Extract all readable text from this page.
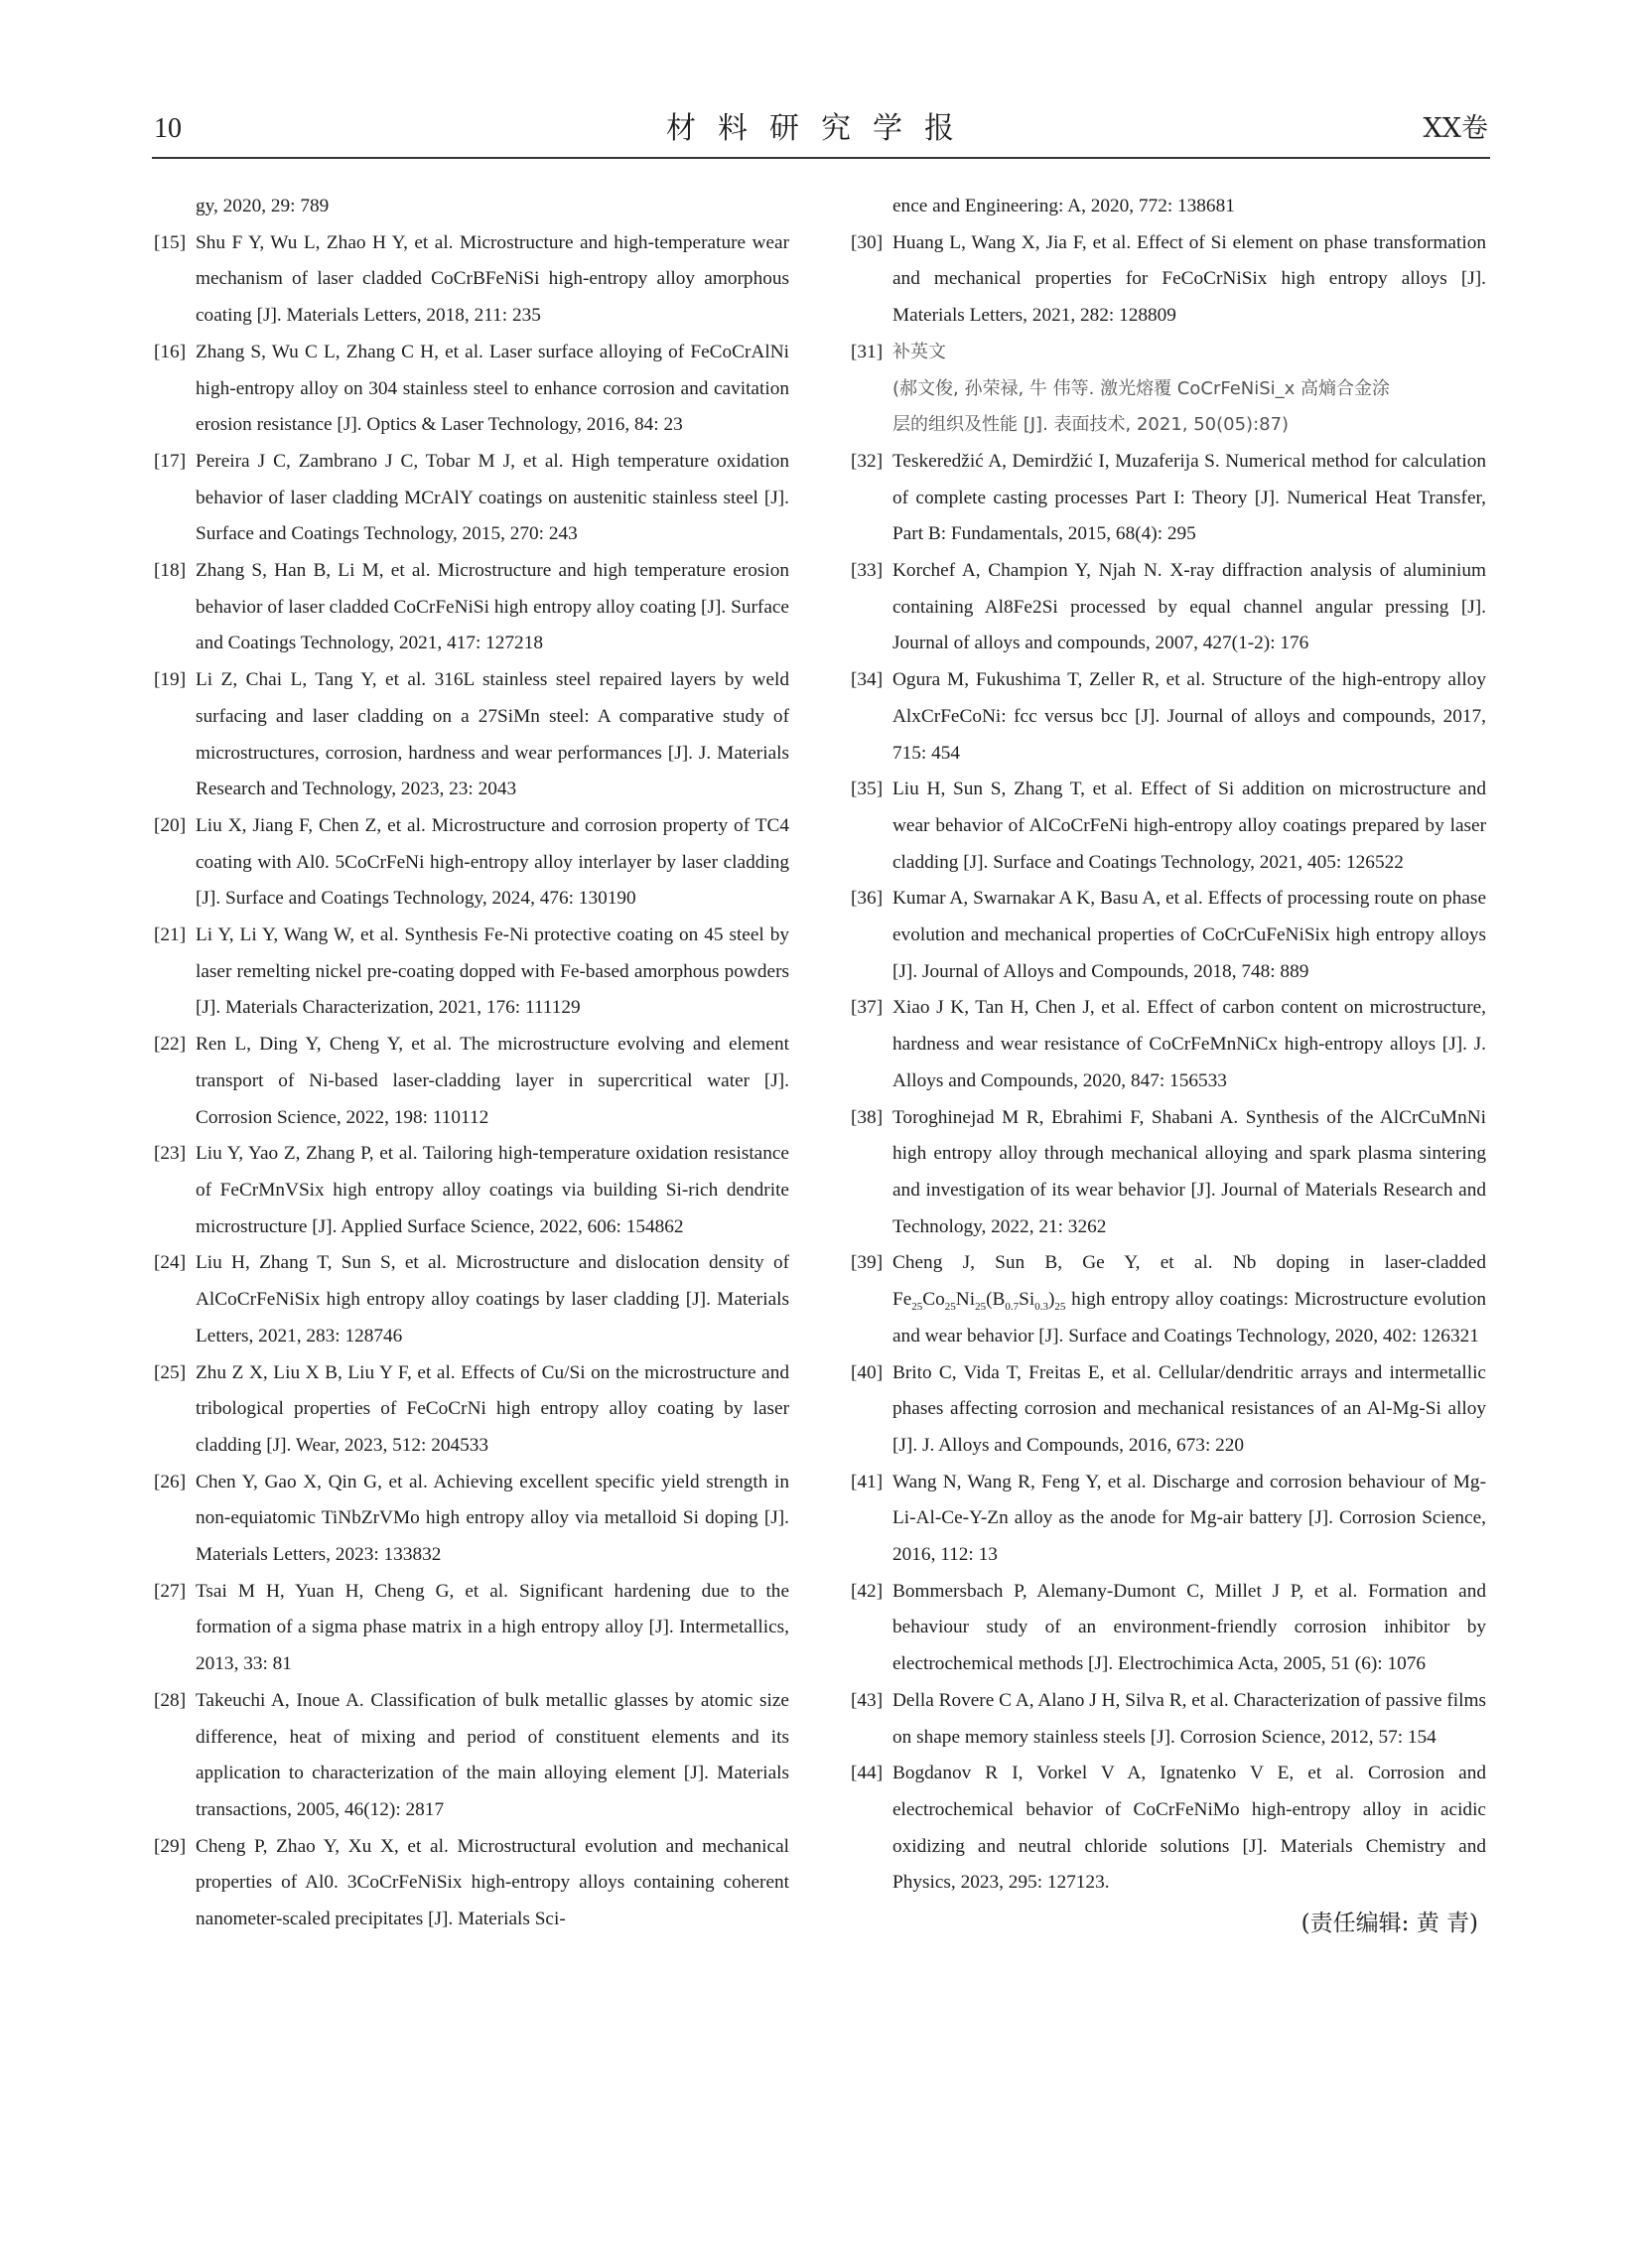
10	材料研究学报	XX卷

gy, 2020, 29: 789

[15] Shu F Y, Wu L, Zhao H Y, et al. Microstructure and high-temperature wear mechanism of laser cladded CoCrBFeNiSi high-entropy alloy amorphous coating [J]. Materials Letters, 2018, 211: 235

[16] Zhang S, Wu C L, Zhang C H, et al. Laser surface alloying of FeCoCrAlNi high-entropy alloy on 304 stainless steel to enhance corrosion and cavitation erosion resistance [J]. Optics & Laser Technology, 2016, 84: 23

[17] Pereira J C, Zambrano J C, Tobar M J, et al. High temperature oxidation behavior of laser cladding MCrAlY coatings on austenitic stainless steel [J]. Surface and Coatings Technology, 2015, 270: 243

[18] Zhang S, Han B, Li M, et al. Microstructure and high temperature erosion behavior of laser cladded CoCrFeNiSi high entropy alloy coating [J]. Surface and Coatings Technology, 2021, 417: 127218

[19] Li Z, Chai L, Tang Y, et al. 316L stainless steel repaired layers by weld surfacing and laser cladding on a 27SiMn steel: A comparative study of microstructures, corrosion, hardness and wear performances [J]. J. Materials Research and Technology, 2023, 23: 2043

[20] Liu X, Jiang F, Chen Z, et al. Microstructure and corrosion property of TC4 coating with Al0. 5CoCrFeNi high-entropy alloy interlayer by laser cladding [J]. Surface and Coatings Technology, 2024, 476: 130190

[21] Li Y, Li Y, Wang W, et al. Synthesis Fe-Ni protective coating on 45 steel by laser remelting nickel pre-coating dopped with Fe-based amorphous powders [J]. Materials Characterization, 2021, 176: 111129

[22] Ren L, Ding Y, Cheng Y, et al. The microstructure evolving and element transport of Ni-based laser-cladding layer in supercritical water [J]. Corrosion Science, 2022, 198: 110112

[23] Liu Y, Yao Z, Zhang P, et al. Tailoring high-temperature oxidation resistance of FeCrMnVSix high entropy alloy coatings via building Si-rich dendrite microstructure [J]. Applied Surface Science, 2022, 606: 154862

[24] Liu H, Zhang T, Sun S, et al. Microstructure and dislocation density of AlCoCrFeNiSix high entropy alloy coatings by laser cladding [J]. Materials Letters, 2021, 283: 128746

[25] Zhu Z X, Liu X B, Liu Y F, et al. Effects of Cu/Si on the microstructure and tribological properties of FeCoCrNi high entropy alloy coating by laser cladding [J]. Wear, 2023, 512: 204533

[26] Chen Y, Gao X, Qin G, et al. Achieving excellent specific yield strength in non-equiatomic TiNbZrVMo high entropy alloy via metalloid Si doping [J]. Materials Letters, 2023: 133832

[27] Tsai M H, Yuan H, Cheng G, et al. Significant hardening due to the formation of a sigma phase matrix in a high entropy alloy [J]. Intermetallics, 2013, 33: 81

[28] Takeuchi A, Inoue A. Classification of bulk metallic glasses by atomic size difference, heat of mixing and period of constituent elements and its application to characterization of the main alloying element [J]. Materials transactions, 2005, 46(12): 2817

[29] Cheng P, Zhao Y, Xu X, et al. Microstructural evolution and mechanical properties of Al0. 3CoCrFeNiSix high-entropy alloys containing coherent nanometer-scaled precipitates [J]. Materials Sci-

ence and Engineering: A, 2020, 772: 138681

[30] Huang L, Wang X, Jia F, et al. Effect of Si element on phase transformation and mechanical properties for FeCoCrNiSix high entropy alloys [J]. Materials Letters, 2021, 282: 128809

[31] 补英文

(郝文俊, 孙荣禄, 牛 伟等. 激光熔覆 CoCrFeNiSi_x 高熵合金涂

层的组织及性能 [J]. 表面技术, 2021, 50(05):87)

[32] Teskeredžić A, Demirdžić I, Muzaferija S. Numerical method for calculation of complete casting processes Part I: Theory [J]. Numerical Heat Transfer, Part B: Fundamentals, 2015, 68(4): 295

[33] Korchef A, Champion Y, Njah N. X-ray diffraction analysis of aluminium containing Al8Fe2Si processed by equal channel angular pressing [J]. Journal of alloys and compounds, 2007, 427(1-2): 176

[34] Ogura M, Fukushima T, Zeller R, et al. Structure of the high-entropy alloy AlxCrFeCoNi: fcc versus bcc [J]. Journal of alloys and compounds, 2017, 715: 454

[35] Liu H, Sun S, Zhang T, et al. Effect of Si addition on microstructure and wear behavior of AlCoCrFeNi high-entropy alloy coatings prepared by laser cladding [J]. Surface and Coatings Technology, 2021, 405: 126522

[36] Kumar A, Swarnakar A K, Basu A, et al. Effects of processing route on phase evolution and mechanical properties of CoCrCuFeNiSix high entropy alloys [J]. Journal of Alloys and Compounds, 2018, 748: 889

[37] Xiao J K, Tan H, Chen J, et al. Effect of carbon content on microstructure, hardness and wear resistance of CoCrFeMnNiCx high-entropy alloys [J]. J. Alloys and Compounds, 2020, 847: 156533

[38] Toroghinejad M R, Ebrahimi F, Shabani A. Synthesis of the AlCrCuMnNi high entropy alloy through mechanical alloying and spark plasma sintering and investigation of its wear behavior [J]. Journal of Materials Research and Technology, 2022, 21: 3262

[39] Cheng J, Sun B, Ge Y, et al. Nb doping in laser-cladded $Fe_{25}Co_{25}Ni_{25}(B_{0.7}Si_{0.3})_{25}$ high entropy alloy coatings: Microstructure evolution and wear behavior [J]. Surface and Coatings Technology, 2020, 402: 126321

[40] Brito C, Vida T, Freitas E, et al. Cellular/dendritic arrays and intermetallic phases affecting corrosion and mechanical resistances of an Al-Mg-Si alloy [J]. J. Alloys and Compounds, 2016, 673: 220

[41] Wang N, Wang R, Feng Y, et al. Discharge and corrosion behaviour of Mg-Li-Al-Ce-Y-Zn alloy as the anode for Mg-air battery [J]. Corrosion Science, 2016, 112: 13

[42] Bommersbach P, Alemany-Dumont C, Millet J P, et al. Formation and behaviour study of an environment-friendly corrosion inhibitor by electrochemical methods [J]. Electrochimica Acta, 2005, 51 (6): 1076

[43] Della Rovere C A, Alano J H, Silva R, et al. Characterization of passive films on shape memory stainless steels [J]. Corrosion Science, 2012, 57: 154

[44] Bogdanov R I, Vorkel V A, Ignatenko V E, et al. Corrosion and electrochemical behavior of CoCrFeNiMo high-entropy alloy in acidic oxidizing and neutral chloride solutions [J]. Materials Chemistry and Physics, 2023, 295: 127123.

(责任编辑: 黄 青)
